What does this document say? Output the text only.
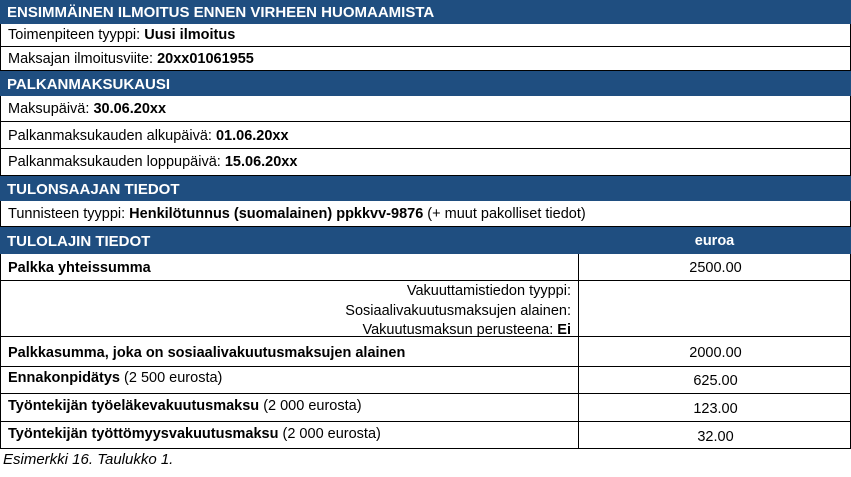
ENSIMMÄINEN ILMOITUS ENNEN VIRHEEN HUOMAAMISTA
Toimenpiteen tyyppi: Uusi ilmoitus
Maksajan ilmoitusviite: 20xx01061955
PALKANMAKSUKAUSI
Maksupäivä: 30.06.20xx
Palkanmaksukauden alkupäivä: 01.06.20xx
Palkanmaksukauden loppupäivä: 15.06.20xx
TULONSAAJAN TIEDOT
Tunnisteen tyyppi: Henkilötunnus (suomalainen) ppkkvv-9876 (+ muut pakolliset tiedot)
TULOLAJIN TIEDOT	euroa
Palkka yhteissumma	2500.00
Vakuuttamistiedon tyyppi:
Sosiaalivakuutusmaksujen alainen:
Vakuutusmaksun perusteena: Ei
Palkkasumma, joka on sosiaalivakuutusmaksujen alainen	2000.00
Ennakonpidätys (2 500 eurosta)	625.00
Työntekijän työeläkevakuutusmaksu (2 000 eurosta)	123.00
Työntekijän työttömyysvakuutusmaksu (2 000 eurosta)	32.00
Esimerkki 16. Taulukko 1.
